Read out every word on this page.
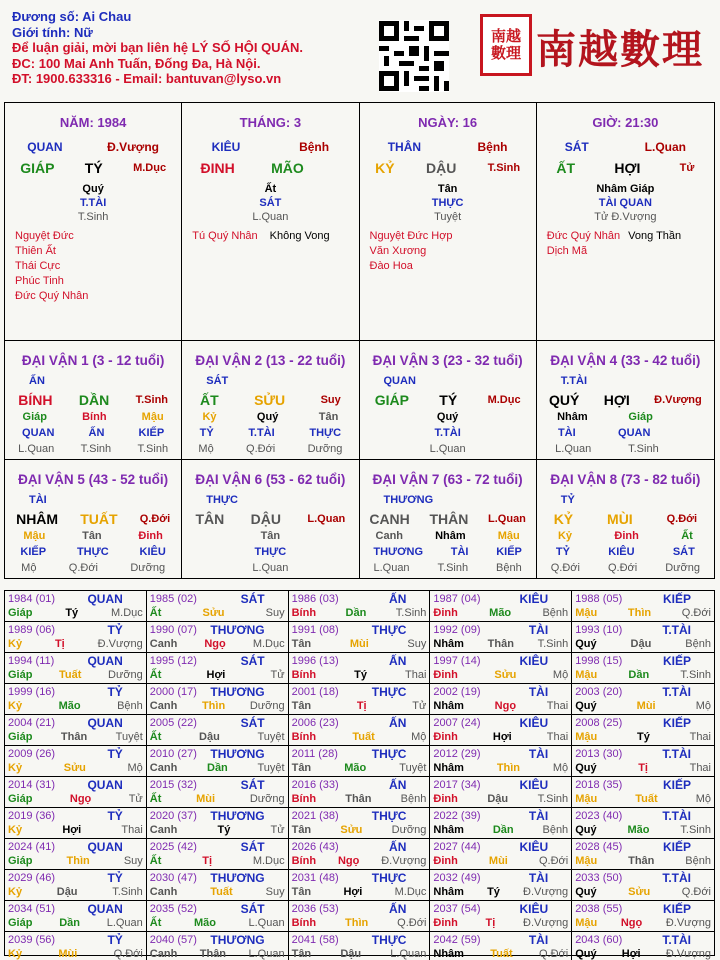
Đương số: Ai Chau
Giới tính: Nữ
Để luận giải, mời bạn liên hệ LÝ SỐ HỘI QUÁN.
ĐC: 100 Mai Anh Tuấn, Đống Đa, Hà Nội.
ĐT: 1900.633316 - Email: bantuvan@lyso.vn
南越
數理 南越數理
NĂM: 1984
QUAN	Đ.Vượng
GIÁP TÝ	M.Dục
Quý
T.TÀI
T.Sinh
Nguyệt Đức
Thiên Ất
Thái Cực
Phúc Tinh
Đức Quý Nhân
THÁNG: 3
KIÊU	Bệnh
ĐINH	MÃO
Ất
SÁT
L.Quan
Tú Quý Nhân Không Vong
NGÀY: 16
THÂN	Bệnh
KỶ DẬU	T.Sinh
Tân
THỰC
Tuyệt
Nguyệt Đức Hợp
Văn Xương
Đào Hoa
GIỜ: 21:30
SÁT	L.Quan
ẤT	HỢI	Tử
Nhâm Giáp
TÀI QUAN
Tử Đ.Vượng
Đức Quý Nhân Vong Thần
Dịch Mã
ĐẠI VẬN 1 (3 - 12 tuổi)
ẤN
BÍNH DẦN T.Sinh
Giáp	Bính	Mậu
QUAN	ẤN	KIẾP
L.Quan T.Sinh T.Sinh
ĐẠI VẬN 2 (13 - 22 tuổi)
SÁT
ẤT	SỬU	Suy
Kỷ	Quý	Tân
TỶ	T.TÀI	THỰC
Mộ	Q.Đới	Dưỡng
ĐẠI VẬN 3 (23 - 32 tuổi)
QUAN
GIÁP TÝ	M.Dục
Quý
T.TÀI
L.Quan
ĐẠI VẬN 4 (33 - 42 tuổi)
T.TÀI
QUÝ HỢI Đ.Vượng
Nhâm	Giáp
TÀI	QUAN
L.Quan	T.Sinh
ĐẠI VẬN 5 (43 - 52 tuổi)
TÀI
NHÂM TUẤT Q.Đới
Mậu	Tân	Đinh
KIẾP	THỰC	KIÊU
Mộ	Q.Đới	Dưỡng
ĐẠI VẬN 6 (53 - 62 tuổi)
THỰC
TÂN DẬU L.Quan
Tân
THỰC
L.Quan
ĐẠI VẬN 7 (63 - 72 tuổi)
THƯƠNG
CANH THÂN L.Quan
Canh	Nhâm	Mậu
THƯƠNG	TÀI	KIẾP
L.Quan	T.Sinh	Bệnh
ĐẠI VẬN 8 (73 - 82 tuổi)
TỶ
KỶ MÙI	Q.Đới
Kỷ	Đinh	Ất
TỶ	KIÊU	SÁT
Q.Đới	Q.Đới	Dưỡng
1984 (01)	QUAN
Giáp	Tý	M.Dục
1985 (02)	SÁT
Ất	Sửu	Suy
1986 (03)	ẤN
Bính	Dần	T.Sinh
1987 (04)	KIÊU
Đinh	Mão	Bệnh
1988 (05)	KIẾP
Mậu	Thìn	Q.Đới
1989 (06)	TỶ
Kỷ	Tị	Đ.Vượng
1990 (07) THƯƠNG
Canh Ngọ M.Dục
1991 (08)	THỰC
Tân	Mùi	Suy
1992 (09)	TÀI
Nhâm Thân T.Sinh
1993 (10)	T.TÀI
Quý	Dậu	Bệnh
1994 (11)	QUAN
Giáp Tuất Dưỡng
1995 (12)	SÁT
Ất	Hợi	Tử
1996 (13)	ẤN
Bính	Tý	Thai
1997 (14)	KIÊU
Đinh	Sửu	Mộ
1998 (15)	KIẾP
Mậu	Dần	T.Sinh
1999 (16)	TỶ
Kỷ	Mão	Bệnh
2000 (17) THƯƠNG
Canh Thìn Dưỡng
2001 (18)	THỰC
Tân	Tị	Tử
2002 (19)	TÀI
Nhâm	Ngọ	Thai
2003 (20)	T.TÀI
Quý	Mùi	Mộ
2004 (21)	QUAN
Giáp	Thân	Tuyệt
2005 (22)	SÁT
Ất	Dậu	Tuyệt
2006 (23)	ẤN
Bính	Tuất	Mộ
2007 (24)	KIÊU
Đinh	Hợi	Thai
2008 (25)	KIẾP
Mậu	Tý	Thai
2009 (26)	TỶ
Kỷ	Sửu	Mộ
2010 (27) THƯƠNG
Canh	Dần	Tuyệt
2011 (28)	THỰC
Tân	Mão	Tuyệt
2012 (29)	TÀI
Nhâm	Thìn	Mộ
2013 (30)	T.TÀI
Quý	Tị	Thai
2014 (31)	QUAN
Giáp	Ngọ	Tử
2015 (32)	SÁT
Ất	Mùi	Dưỡng
2016 (33)	ẤN
Bính	Thân	Bệnh
2017 (34)	KIÊU
Đinh	Dậu	T.Sinh
2018 (35)	KIẾP
Mậu	Tuất	Mộ
2019 (36)	TỶ
Kỷ	Hợi	Thai
2020 (37) THƯƠNG
Canh	Tý	Tử
2021 (38)	THỰC
Tân	Sửu	Dưỡng
2022 (39)	TÀI
Nhâm	Dần	Bệnh
2023 (40)	T.TÀI
Quý	Mão	T.Sinh
2024 (41)	QUAN
Giáp	Thìn	Suy
2025 (42)	SÁT
Ất	Tị	M.Dục
2026 (43)	ẤN
Bính Ngọ Đ.Vượng
2027 (44)	KIÊU
Đinh	Mùi	Q.Đới
2028 (45)	KIẾP
Mậu	Thân	Bệnh
2029 (46)	TỶ
Kỷ	Dậu	T.Sinh
2030 (47) THƯƠNG
Canh	Tuất	Suy
2031 (48)	THỰC
Tân	Hợi	M.Dục
2032 (49)	TÀI
Nhâm Tý Đ.Vượng
2033 (50)	T.TÀI
Quý	Sửu	Q.Đới
2034 (51)	QUAN
Giáp Dần L.Quan
2035 (52)	SÁT
Ất	Mão	L.Quan
2036 (53)	ẤN
Bính	Thìn	Q.Đới
2037 (54)	KIÊU
Đinh	Tị	Đ.Vượng
2038 (55)	KIẾP
Mậu Ngọ Đ.Vượng
2039 (56)	TỶ
Kỷ	Mùi	Q.Đới
2040 (57) THƯƠNG
Canh Thân L.Quan
2041 (58)	THỰC
Tân	Dậu	L.Quan
2042 (59)	TÀI
Nhâm Tuất Q.Đới
2043 (60)	T.TÀI
Quý Hợi Đ.Vượng
